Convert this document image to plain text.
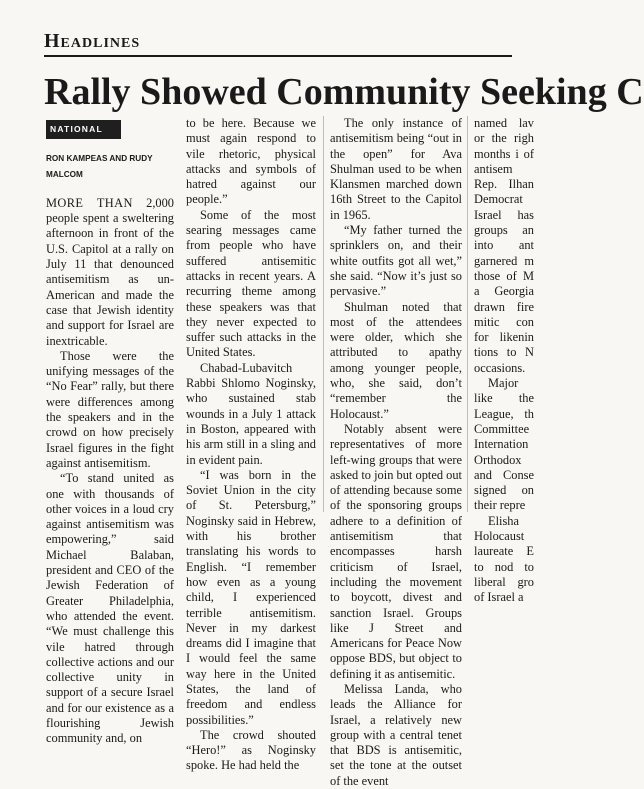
Headlines
Rally Showed Community Seeking C
NATIONAL
RON KAMPEAS AND RUDY MALCOM

MORE THAN 2,000 people spent a sweltering afternoon in front of the U.S. Capitol at a rally on July 11 that denounced antisemitism as un-American and made the case that Jewish identity and support for Israel are inextricable.

Those were the unifying messages of the “No Fear” rally, but there were differences among the speakers and in the crowd on how precisely Israel figures in the fight against antisemitism.

“To stand united as one with thousands of other voices in a loud cry against antisemitism was empowering,” said Michael Balaban, president and CEO of the Jewish Federation of Greater Philadelphia, who attended the event. “We must challenge this vile hatred through collective actions and our collective unity in support of a secure Israel and for our existence as a flourishing Jewish community and, on

to be here. Because we must again respond to vile rhetoric, physical attacks and symbols of hatred against our people.”

Some of the most searing messages came from people who have suffered antisemitic attacks in recent years. A recurring theme among these speakers was that they never expected to suffer such attacks in the United States.

Chabad-Lubavitch Rabbi Shlomo Noginsky, who sustained stab wounds in a July 1 attack in Boston, appeared with his arm still in a sling and in evident pain.

“I was born in the Soviet Union in the city of St. Petersburg,” Noginsky said in Hebrew, with his brother translating his words to English. “I remember how even as a young child, I experienced terrible antisemitism. Never in my darkest dreams did I imagine that I would feel the same way here in the United States, the land of freedom and endless possibilities.”

The crowd shouted “Hero!” as Noginsky spoke. He had held the

The only instance of antisemitism being “out in the open” for Ava Shulman used to be when Klansmen marched down 16th Street to the Capitol in 1965.

“My father turned the sprinklers on, and their white outfits got all wet,” she said. “Now it’s just so pervasive.”

Shulman noted that most of the attendees were older, which she attributed to apathy among younger people, who, she said, don’t “remember the Holocaust.”

Notably absent were representatives of more left-wing groups that were asked to join but opted out of attending because some of the sponsoring groups adhere to a definition of antisemitism that encompasses harsh criticism of Israel, including the movement to boycott, divest and sanction Israel. Groups like J Street and Americans for Peace Now oppose BDS, but object to defining it as antisemitic.

Melissa Landa, who leads the Alliance for Israel, a relatively new group with a central tenet that BDS is antisemitic, set the tone at the outset of the event

named lav or the righ months i of antisem Rep. Ilhan Democrat Israel has groups an into ant garnered m those of M a Georgia drawn fire mitic con for likenin tions to N occasions.

Major like the League, th Committee Internation Orthodox and Conse signed on their repre

Elisha Holocaust laureate E to nod to liberal gro of Israel a
